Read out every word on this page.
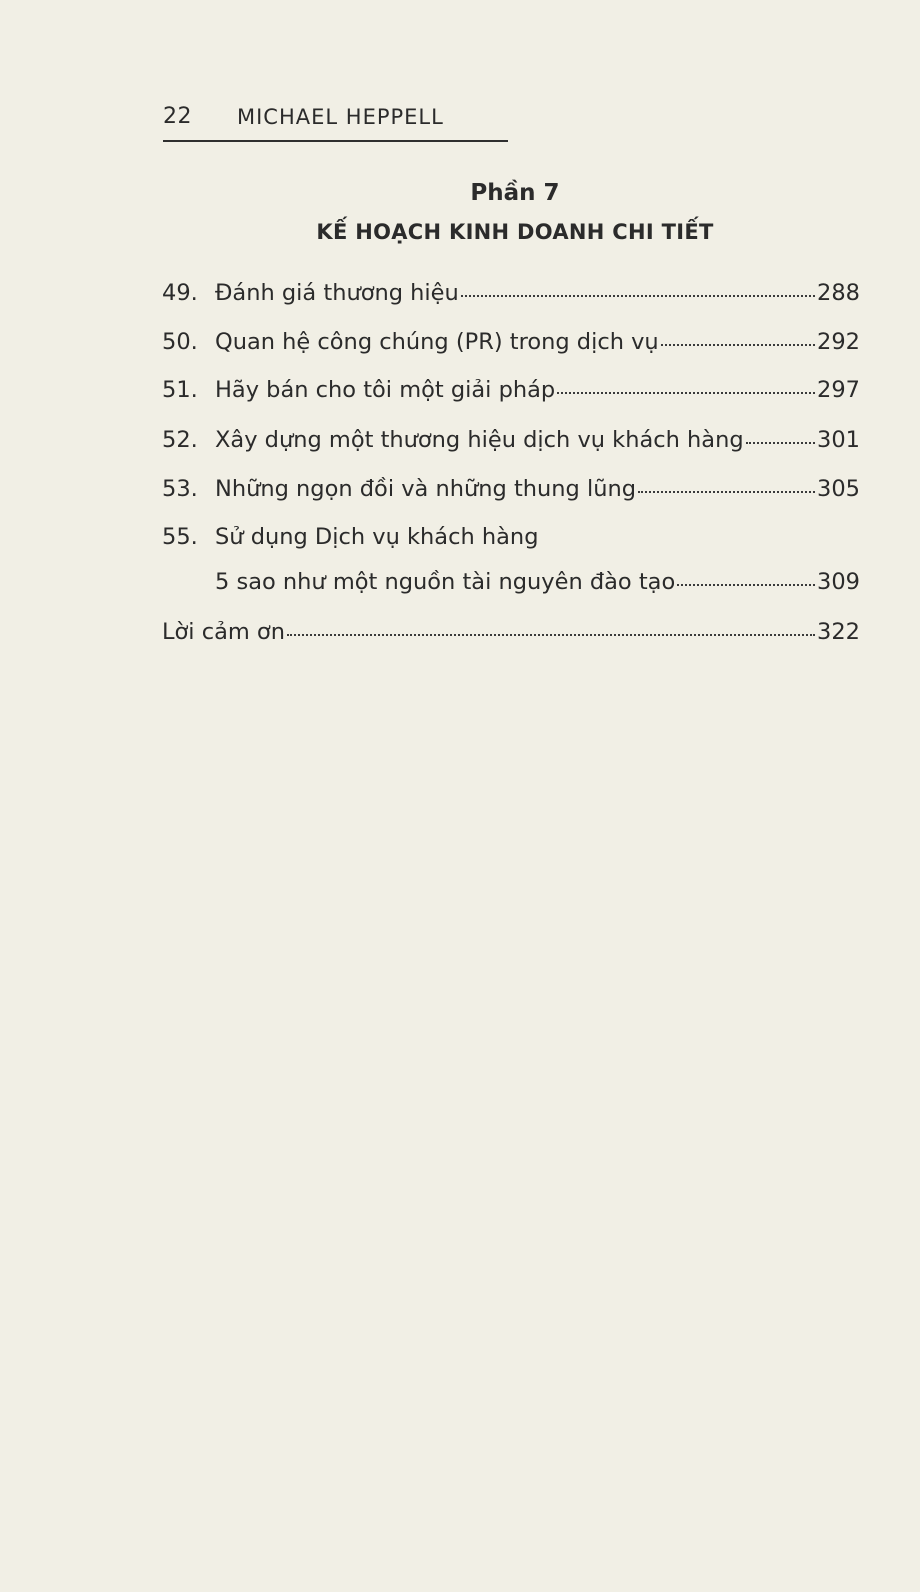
22 MICHAEL HEPPELL
Phần 7
KẾ HOẠCH KINH DOANH CHI TIẾT
49. Đánh giá thương hiệu	288
50. Quan hệ công chúng (PR) trong dịch vụ	292
51. Hãy bán cho tôi một giải pháp	297
52. Xây dựng một thương hiệu dịch vụ khách hàng	301
53. Những ngọn đồi và những thung lũng	305
55. Sử dụng Dịch vụ khách hàng
5 sao như một nguồn tài nguyên đào tạo	309
Lời cảm ơn	322
